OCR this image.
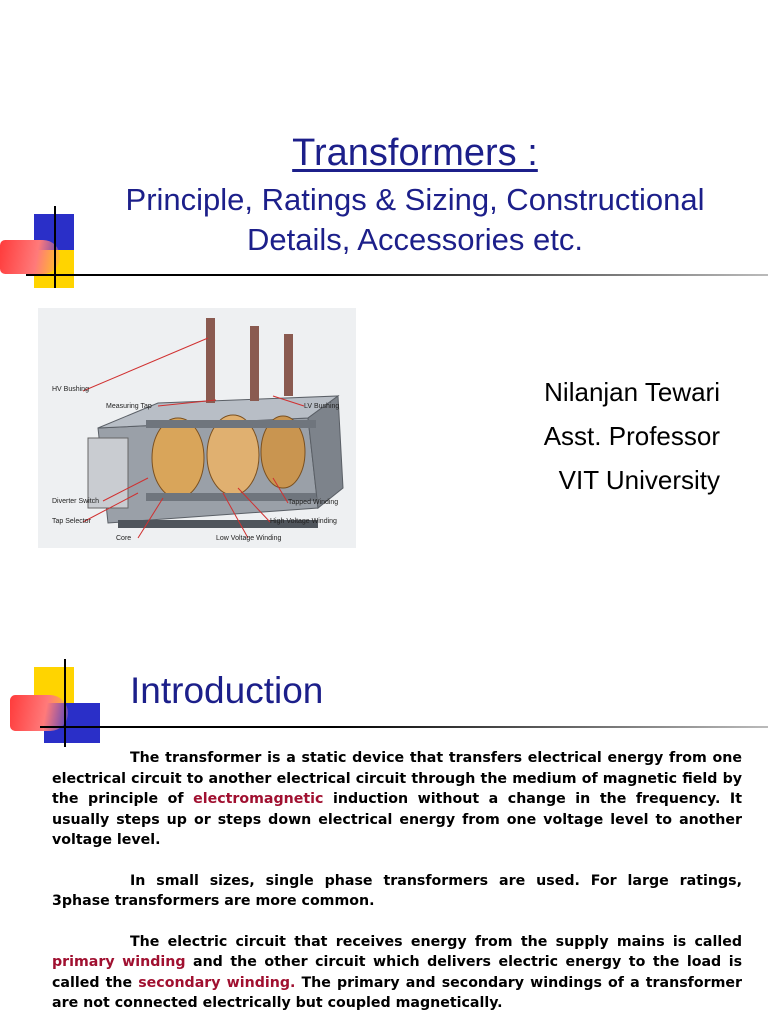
Transformers :
Principle, Ratings & Sizing, Constructional
Details, Accessories etc.
HV Bushing
Measuring Tap	LV Bushing
Diverter Switch
Tap Selector
Core	Low Voltage Winding
High Voltage Winding
Tapped Winding
Nilanjan Tewari
Asst. Professor
VIT University
Introduction

The transformer is a static device that transfers electrical energy from one electrical circuit to another electrical circuit through the medium of magnetic field by the principle of electromagnetic induction without a change in the frequency. It usually steps up or steps down electrical energy from one voltage level to another voltage level.

In small sizes, single phase transformers are used. For large ratings, 3phase transformers are more common.

The electric circuit that receives energy from the supply mains is called primary winding and the other circuit which delivers electric energy to the load is called the secondary winding. The primary and secondary windings of a transformer are not connected electrically but coupled magnetically.
